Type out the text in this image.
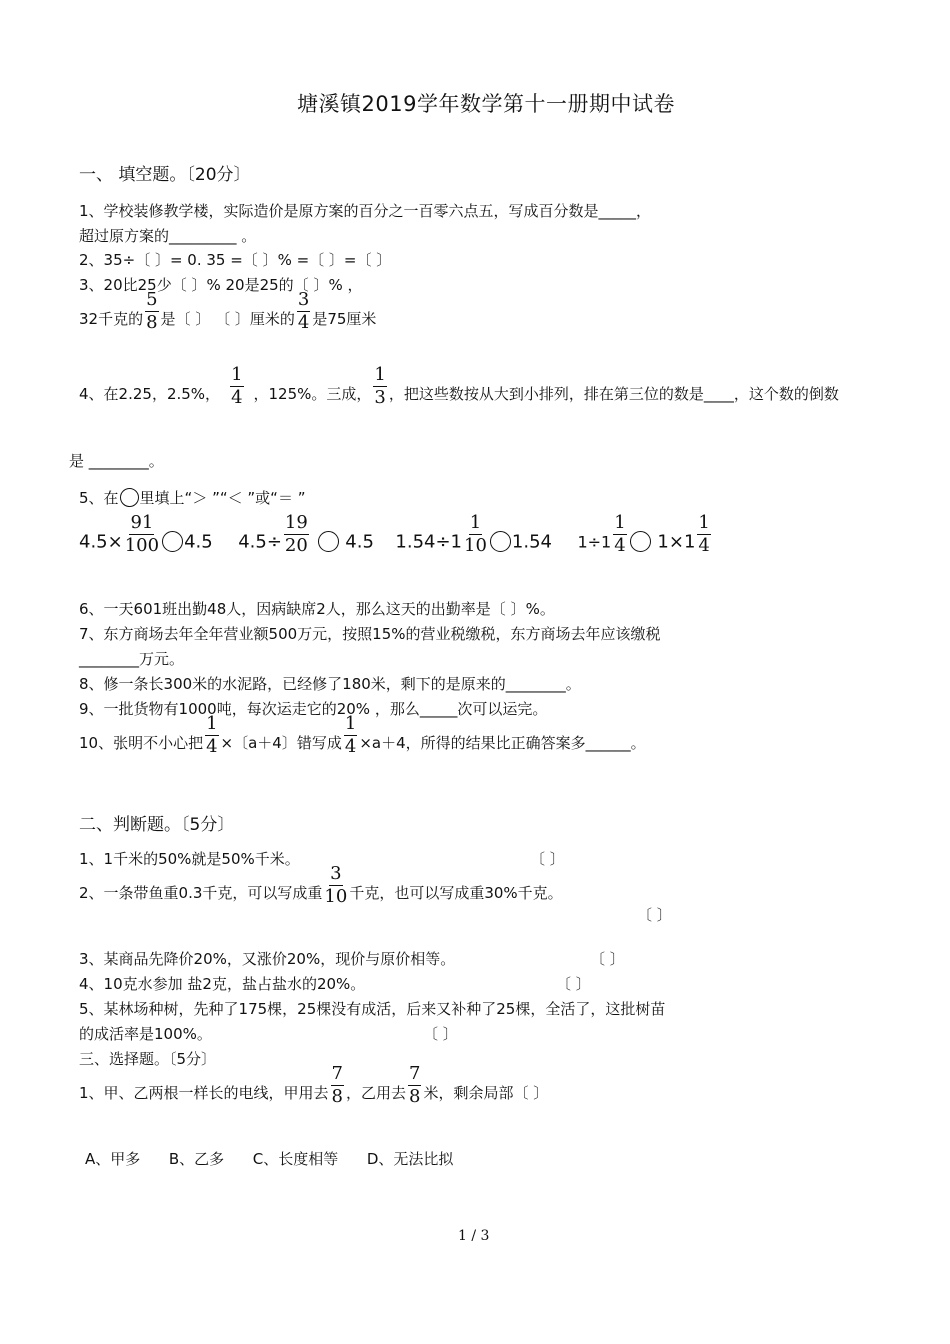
塘溪镇2019学年数学第十一册期中试卷
一、 填空题。〔20分〕
1、学校装修教学楼，实际造价是原方案的百分之一百零六点五，写成百分数是_____，
超过原方案的_________ 。
2、35÷〔 〕= 0. 35 =〔 〕% =〔 〕=〔 〕
3、20比25少〔 〕% 20是25的〔 〕% ，
32千克的 $\frac{5}{8}$ 是〔 〕 〔 〕厘米的 $\frac{3}{4}$ 是75厘米
4、在2.25，2.5%， $\frac{1}{4}$ ，125%。三成， $\frac{1}{3}$ ，把这些数按从大到小排列，排在第三位的数是____，这个数的倒数
是 ________。
5、在 里填上“＞ ”“＜ ”或“＝ ”
$4.5\times \frac{91}{100} 4.5$ $4.5\div \frac{19}{20} 4.5$ $1.54\div 1 \frac{1}{10} 1.54$ $1\div 1 \frac{1}{4} 1\times 1 \frac{1}{4}$
6、一天601班出勤48人，因病缺席2人，那么这天的出勤率是〔 〕%。
7、东方商场去年全年营业额500万元，按照15%的营业税缴税，东方商场去年应该缴税
________万元。
8、修一条长300米的水泥路，已经修了180米，剩下的是原来的________。
9、一批货物有1000吨，每次运走它的20% ，那么_____次可以运完。
10、张明不小心把 $\frac{1}{4}$ ×〔a＋4〕错写成 $\frac{1}{4} \times a+4$，所得的结果比正确答案多______。
二、判断题。〔5分〕
1、1千米的50%就是50%千米。	〔 〕
2、一条带鱼重0.3千克，可以写成重 $\frac{3}{10}$ 千克，也可以写成重30%千克。
〔 〕
3、某商品先降价20%，又涨价20%，现价与原价相等。	〔 〕
4、10克水参加 盐2克，盐占盐水的20%。	〔 〕
5、某林场种树，先种了175棵，25棵没有成活，后来又补种了25棵，全活了，这批树苗
的成活率是100%。	〔 〕
三、选择题。〔5分〕
1、甲、乙两根一样长的电线，甲用去 $\frac{7}{8}$ ，乙用去 $\frac{7}{8}$ 米，剩余局部〔 〕
A、甲多      B、乙多      C、长度相等      D、无法比拟
1 / 3
